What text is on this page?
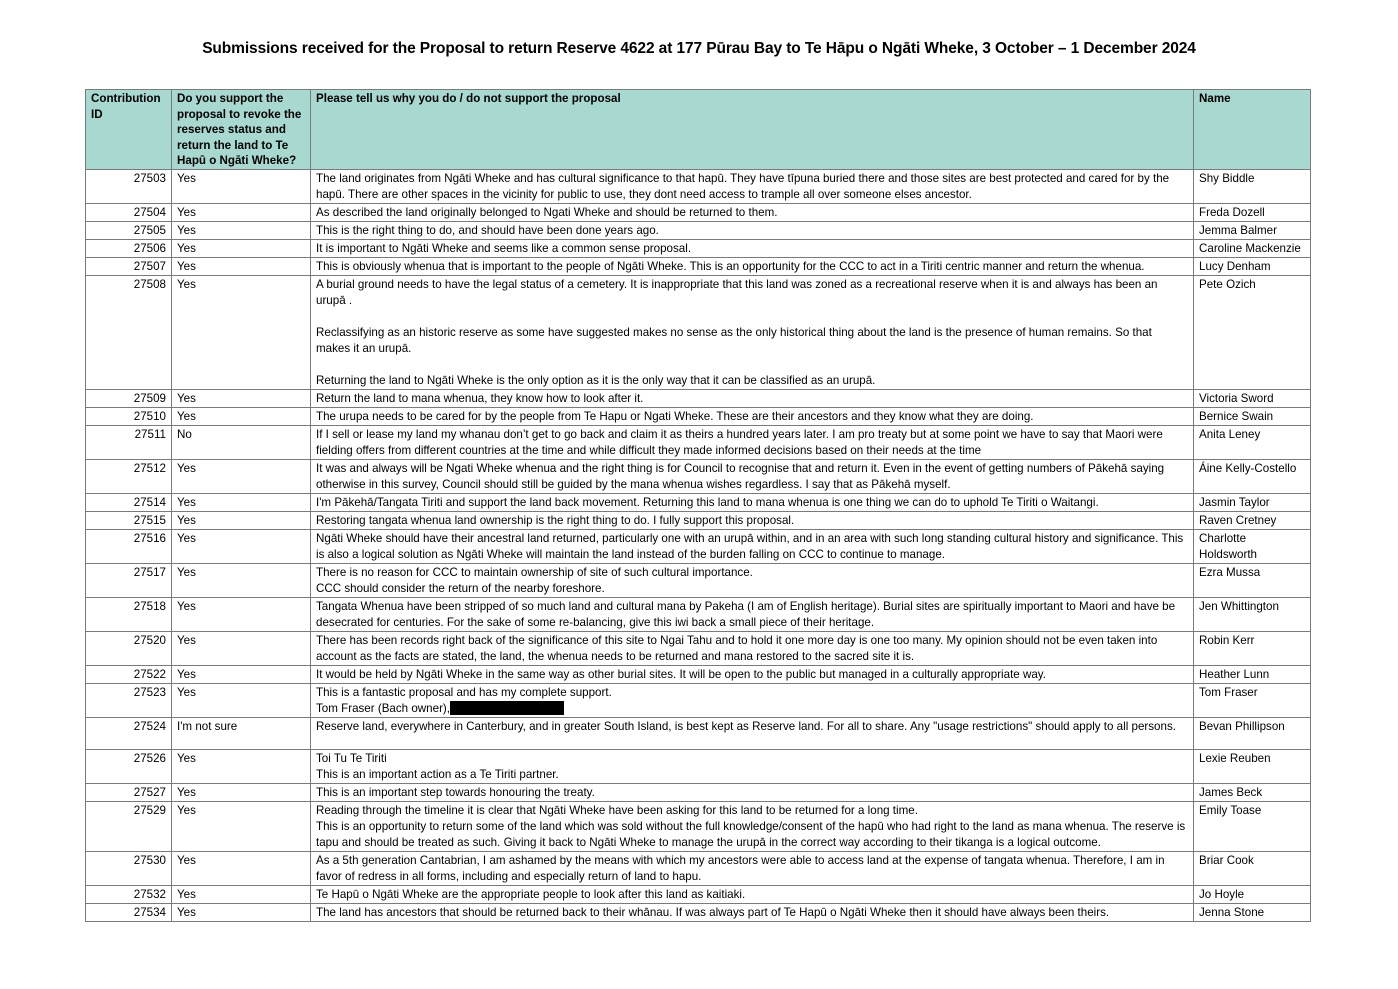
Submissions received for the Proposal to return Reserve 4622 at 177 Pūrau Bay to Te Hāpu o Ngāti Wheke, 3 October – 1 December 2024
Contribution ID	Do you support the proposal to revoke the reserves status and return the land to Te Hapū o Ngāti Wheke?	Please tell us why you do / do not support the proposal	Name
27503	Yes	The land originates from Ngāti Wheke and has cultural significance to that hapū. They have tīpuna buried there and those sites are best protected and cared for by the hapū. There are other spaces in the vicinity for public to use, they dont need access to trample all over someone elses ancestor.	Shy Biddle
27504	Yes	As described the land originally belonged to Ngati Wheke and should be returned to them.	Freda Dozell
27505	Yes	This is the right thing to do, and should have been done years ago.	Jemma Balmer
27506	Yes	It is important to Ngāti Wheke and seems like a common sense proposal.	Caroline Mackenzie
27507	Yes	This is obviously whenua that is important to the people of Ngāti Wheke. This is an opportunity for the CCC to act in a Tiriti centric manner and return the whenua.	Lucy Denham
27508	Yes	A burial ground needs to have the legal status of a cemetery. It is inappropriate that this land was zoned as a recreational reserve when it is and always has been an urupā .

Reclassifying as an historic reserve as some have suggested makes no sense as the only historical thing about the land is the presence of human remains. So that makes it an urupā.

Returning the land to Ngāti Wheke is the only option as it is the only way that it can be classified as an urupā.	Pete Ozich
27509	Yes	Return the land to mana whenua, they know how to look after it.	Victoria Sword
27510	Yes	The urupa needs to be cared for by the people from Te Hapu or Ngati Wheke. These are their ancestors and they know what they are doing.	Bernice Swain
27511	No	If I sell or lease my land my whanau don’t get to go back and claim it as theirs a hundred years later. I am pro treaty but at some point we have to say that Maori were fielding offers from different countries at the time and while difficult they made informed decisions based on their needs at the time	Anita Leney
27512	Yes	It was and always will be Ngati Wheke whenua and the right thing is for Council to recognise that and return it. Even in the event of getting numbers of Pākehā saying otherwise in this survey, Council should still be guided by the mana whenua wishes regardless. I say that as Pākehā myself.	Áine Kelly-Costello
27514	Yes	I'm Pākehā/Tangata Tiriti and support the land back movement. Returning this land to mana whenua is one thing we can do to uphold Te Tiriti o Waitangi.	Jasmin Taylor
27515	Yes	Restoring tangata whenua land ownership is the right thing to do. I fully support this proposal.	Raven Cretney
27516	Yes	Ngāti Wheke should have their ancestral land returned, particularly one with an urupā within, and in an area with such long standing cultural history and significance. This is also a logical solution as Ngāti Wheke will maintain the land instead of the burden falling on CCC to continue to manage.	Charlotte Holdsworth
27517	Yes	There is no reason for CCC to maintain ownership of site of such cultural importance.
CCC should consider the return of the nearby foreshore.	Ezra Mussa
27518	Yes	Tangata Whenua have been stripped of so much land and cultural mana by Pakeha (I am of English heritage). Burial sites are spiritually important to Maori and have be desecrated for centuries. For the sake of some re-balancing, give this iwi back a small piece of their heritage.	Jen Whittington
27520	Yes	There has been records right back of the significance of this site to Ngai Tahu and to hold it one more day is one too many. My opinion should not be even taken into account as the facts are stated, the land, the whenua needs to be returned and mana restored to the sacred site it is.	Robin Kerr
27522	Yes	It would be held by Ngāti Wheke in the same way as other burial sites. It will be open to the public but managed in a culturally appropriate way.	Heather Lunn
27523	Yes	This is a fantastic proposal and has my complete support.
Tom Fraser (Bach owner),	Tom Fraser
27524	I'm not sure	Reserve land, everywhere in Canterbury, and in greater South Island, is best kept as Reserve land. For all to share. Any "usage restrictions" should apply to all persons.	Bevan Phillipson
27526	Yes	Toi Tu Te Tiriti
This is an important action as a Te Tiriti partner.	Lexie Reuben
27527	Yes	This is an important step towards honouring the treaty.	James Beck
27529	Yes	Reading through the timeline it is clear that Ngāti Wheke have been asking for this land to be returned for a long time.
This is an opportunity to return some of the land which was sold without the full knowledge/consent of the hapū who had right to the land as mana whenua. The reserve is tapu and should be treated as such. Giving it back to Ngāti Wheke to manage the urupā in the correct way according to their tikanga is a logical outcome.	Emily Toase
27530	Yes	As a 5th generation Cantabrian, I am ashamed by the means with which my ancestors were able to access land at the expense of tangata whenua. Therefore, I am in favor of redress in all forms, including and especially return of land to hapu.	Briar Cook
27532	Yes	Te Hapū o Ngāti Wheke are the appropriate people to look after this land as kaitiaki.	Jo Hoyle
27534	Yes	The land has ancestors that should be returned back to their whānau. If was always part of Te Hapū o Ngāti Wheke then it should have always been theirs.	Jenna Stone
